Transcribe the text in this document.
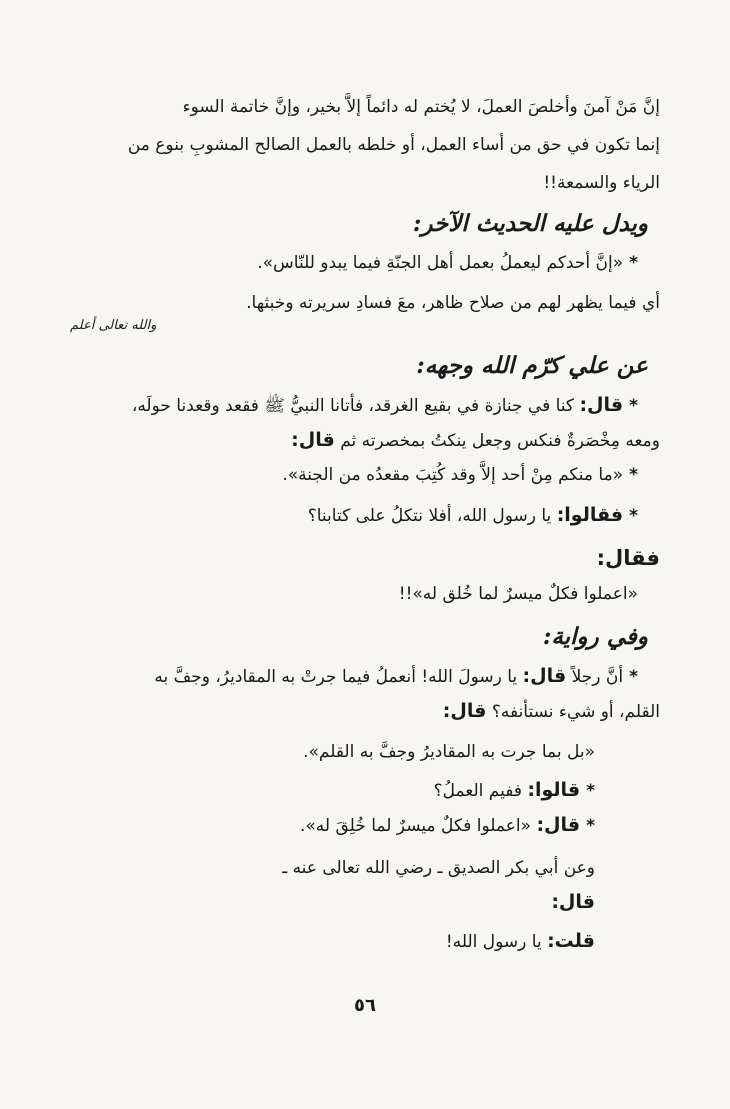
إنَّ مَنْ آمنَ وأخلصَ العملَ، لا يُختم له دائماً إلاَّ بخير، وإنَّ خاتمة السوء

إنما تكون في حق من أساء العمل، أو خلطه بالعمل الصالح المشوبِ بنوع من

الرياء والسمعة!!

ويدل عليه الحديث الآخر:

*«إنَّ أحدكم ليعملُ بعمل أهل الجنّةِ فيما يبدو للنّاس».

أي فيما يظهر لهم من صلاح ظاهر، معَ فسادِ سريرته وخبثها.

والله تعالى أعلم

عن علي كرّم الله وجهه:

*قال: كنا في جنازة في بقيع الغرقد، فأتانا النبيُّ ﷺ فقعد وقعدنا حولَه،

ومعه مِخْصَرةٌ فنكس وجعل ينكتُ بمخصرته ثم قال:

*«ما منكم مِنْ أحد إلاَّ وقد كُتِبَ مقعدُه من الجنة».

*فقالوا: يا رسول الله، أفلا نتكلُ على كتابنا؟

فقال:

«اعملوا فكلٌ ميسرٌ لما خُلق له»!!

وفي رواية:

*أنَّ رجلاً قال: يا رسولَ الله! أنعملُ فيما جرتْ به المقاديرُ، وجفَّ به

القلم، أو شيء نستأنفه؟ قال:

«بل بما جرت به المقاديرُ وجفَّ به القلم».

*قالوا: ففيم العملُ؟

*قال: «اعملوا فكلٌ ميسرٌ لما خُلِقَ له».

وعن أبي بكر الصديق ـ رضي الله تعالى عنه ـ

قال:

قلت: يا رسول الله!

٥٦
